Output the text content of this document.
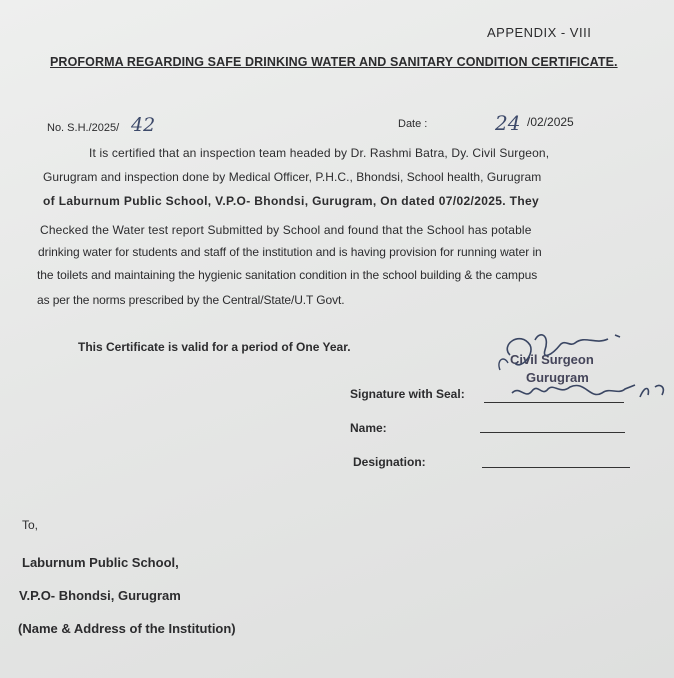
APPENDIX - VIII
PROFORMA REGARDING SAFE DRINKING WATER AND SANITARY CONDITION CERTIFICATE.
No. S.H./2025/ 42	Date :	24 /02/2025
It is certified that an inspection team headed by Dr. Rashmi Batra, Dy. Civil Surgeon,
Gurugram and inspection done by Medical Officer, P.H.C., Bhondsi, School health, Gurugram
of Laburnum Public School, V.P.O- Bhondsi, Gurugram, On dated 07/02/2025. They
Checked the Water test report Submitted by School and found that the School has potable
drinking water for students and staff of the institution and is having provision for running water in
the toilets and maintaining the hygienic sanitation condition in the school building & the campus
as per the norms prescribed by the Central/State/U.T Govt.
This Certificate is valid for a period of One Year.
Civil Surgeon
Gurugram
Signature with Seal:
Name:
Designation:
To,
Laburnum Public School,
V.P.O- Bhondsi, Gurugram
(Name & Address of the Institution)
